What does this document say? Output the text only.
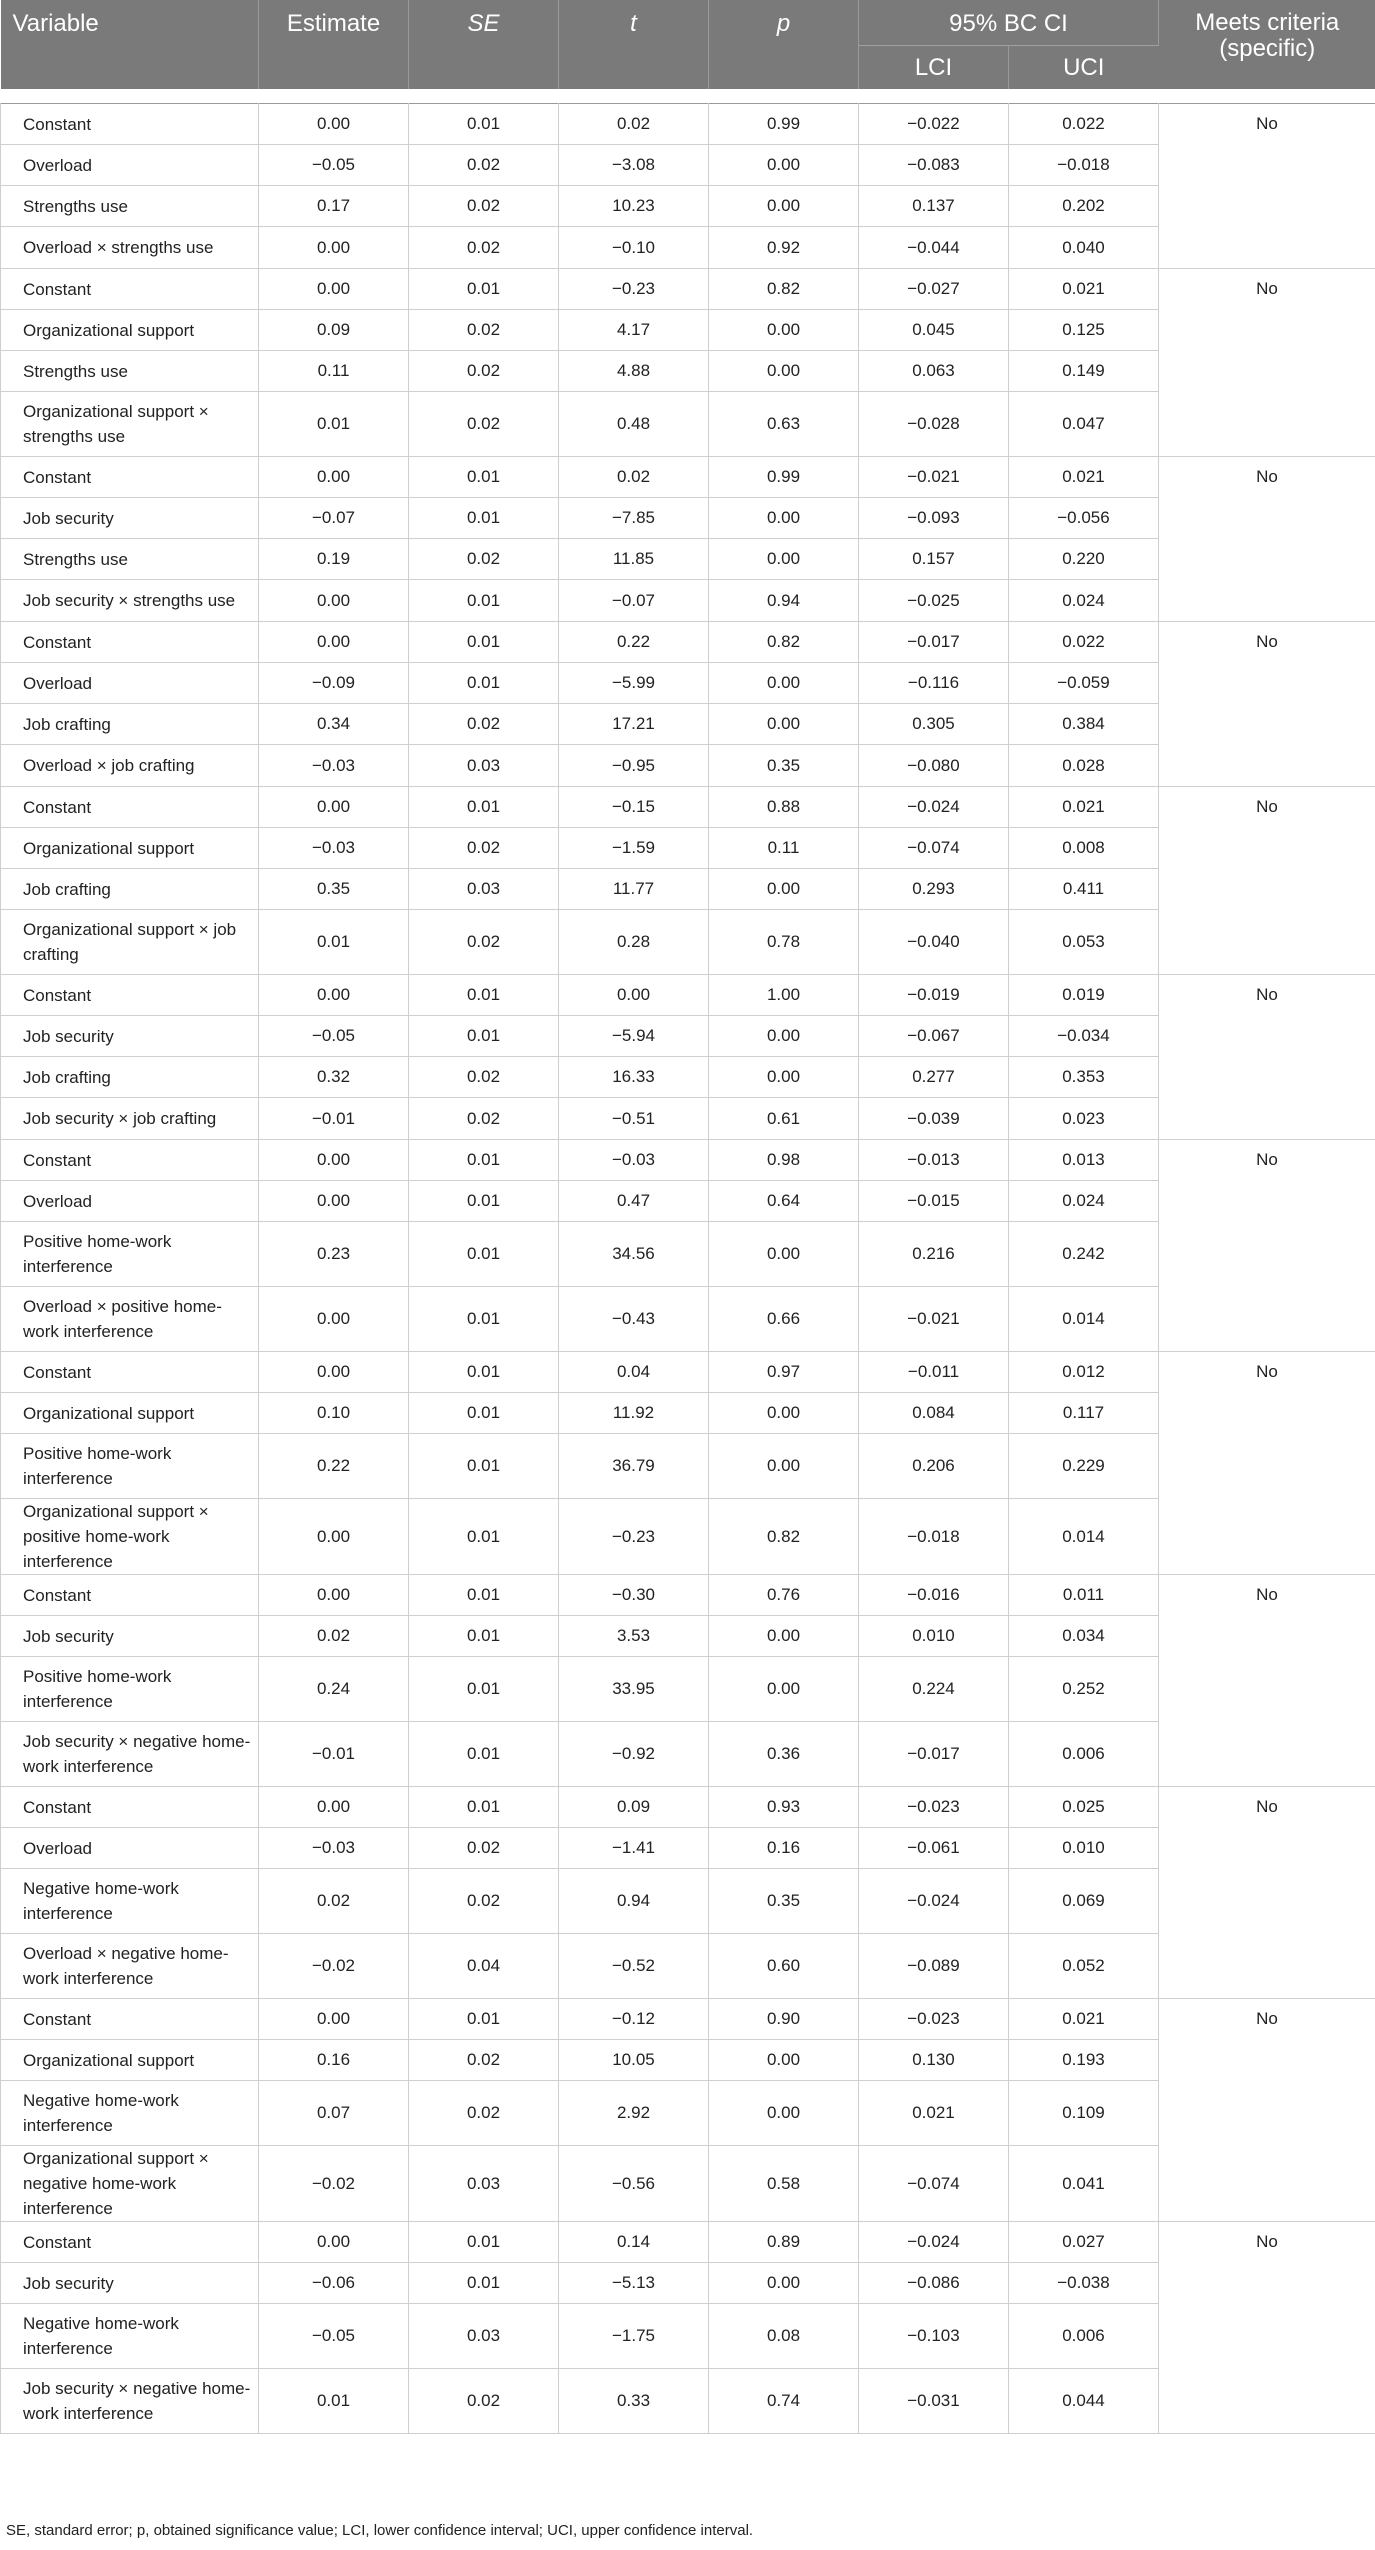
Variable	Estimate	SE	t	p	95% BC CI		Meets criteria (specific)
					LCI	UCI	

Constant	0.00	0.01	0.02	0.99	−0.022	0.022	No
Overload	−0.05	0.02	−3.08	0.00	−0.083	−0.018	
Strengths use	0.17	0.02	10.23	0.00	0.137	0.202	
Overload × strengths use	0.00	0.02	−0.10	0.92	−0.044	0.040	
Constant	0.00	0.01	−0.23	0.82	−0.027	0.021	No
Organizational support	0.09	0.02	4.17	0.00	0.045	0.125	
Strengths use	0.11	0.02	4.88	0.00	0.063	0.149	
Organizational support × strengths use	0.01	0.02	0.48	0.63	−0.028	0.047	
Constant	0.00	0.01	0.02	0.99	−0.021	0.021	No
Job security	−0.07	0.01	−7.85	0.00	−0.093	−0.056	
Strengths use	0.19	0.02	11.85	0.00	0.157	0.220	
Job security × strengths use	0.00	0.01	−0.07	0.94	−0.025	0.024	
Constant	0.00	0.01	0.22	0.82	−0.017	0.022	No
Overload	−0.09	0.01	−5.99	0.00	−0.116	−0.059	
Job crafting	0.34	0.02	17.21	0.00	0.305	0.384	
Overload × job crafting	−0.03	0.03	−0.95	0.35	−0.080	0.028	
Constant	0.00	0.01	−0.15	0.88	−0.024	0.021	No
Organizational support	−0.03	0.02	−1.59	0.11	−0.074	0.008	
Job crafting	0.35	0.03	11.77	0.00	0.293	0.411	
Organizational support × job crafting	0.01	0.02	0.28	0.78	−0.040	0.053	
Constant	0.00	0.01	0.00	1.00	−0.019	0.019	No
Job security	−0.05	0.01	−5.94	0.00	−0.067	−0.034	
Job crafting	0.32	0.02	16.33	0.00	0.277	0.353	
Job security × job crafting	−0.01	0.02	−0.51	0.61	−0.039	0.023	
Constant	0.00	0.01	−0.03	0.98	−0.013	0.013	No
Overload	0.00	0.01	0.47	0.64	−0.015	0.024	
Positive home-work interference	0.23	0.01	34.56	0.00	0.216	0.242	
Overload × positive home-work interference	0.00	0.01	−0.43	0.66	−0.021	0.014	
Constant	0.00	0.01	0.04	0.97	−0.011	0.012	No
Organizational support	0.10	0.01	11.92	0.00	0.084	0.117	
Positive home-work interference	0.22	0.01	36.79	0.00	0.206	0.229	
Organizational support × positive home-work interference	0.00	0.01	−0.23	0.82	−0.018	0.014	
Constant	0.00	0.01	−0.30	0.76	−0.016	0.011	No
Job security	0.02	0.01	3.53	0.00	0.010	0.034	
Positive home-work interference	0.24	0.01	33.95	0.00	0.224	0.252	
Job security × negative home-work interference	−0.01	0.01	−0.92	0.36	−0.017	0.006	
Constant	0.00	0.01	0.09	0.93	−0.023	0.025	No
Overload	−0.03	0.02	−1.41	0.16	−0.061	0.010	
Negative home-work interference	0.02	0.02	0.94	0.35	−0.024	0.069	
Overload × negative home-work interference	−0.02	0.04	−0.52	0.60	−0.089	0.052	
Constant	0.00	0.01	−0.12	0.90	−0.023	0.021	No
Organizational support	0.16	0.02	10.05	0.00	0.130	0.193	
Negative home-work interference	0.07	0.02	2.92	0.00	0.021	0.109	
Organizational support × negative home-work interference	−0.02	0.03	−0.56	0.58	−0.074	0.041	
Constant	0.00	0.01	0.14	0.89	−0.024	0.027	No
Job security	−0.06	0.01	−5.13	0.00	−0.086	−0.038	
Negative home-work interference	−0.05	0.03	−1.75	0.08	−0.103	0.006	
Job security × negative home-work interference	0.01	0.02	0.33	0.74	−0.031	0.044	
SE, standard error; p, obtained significance value; LCI, lower confidence interval; UCI, upper confidence interval.
